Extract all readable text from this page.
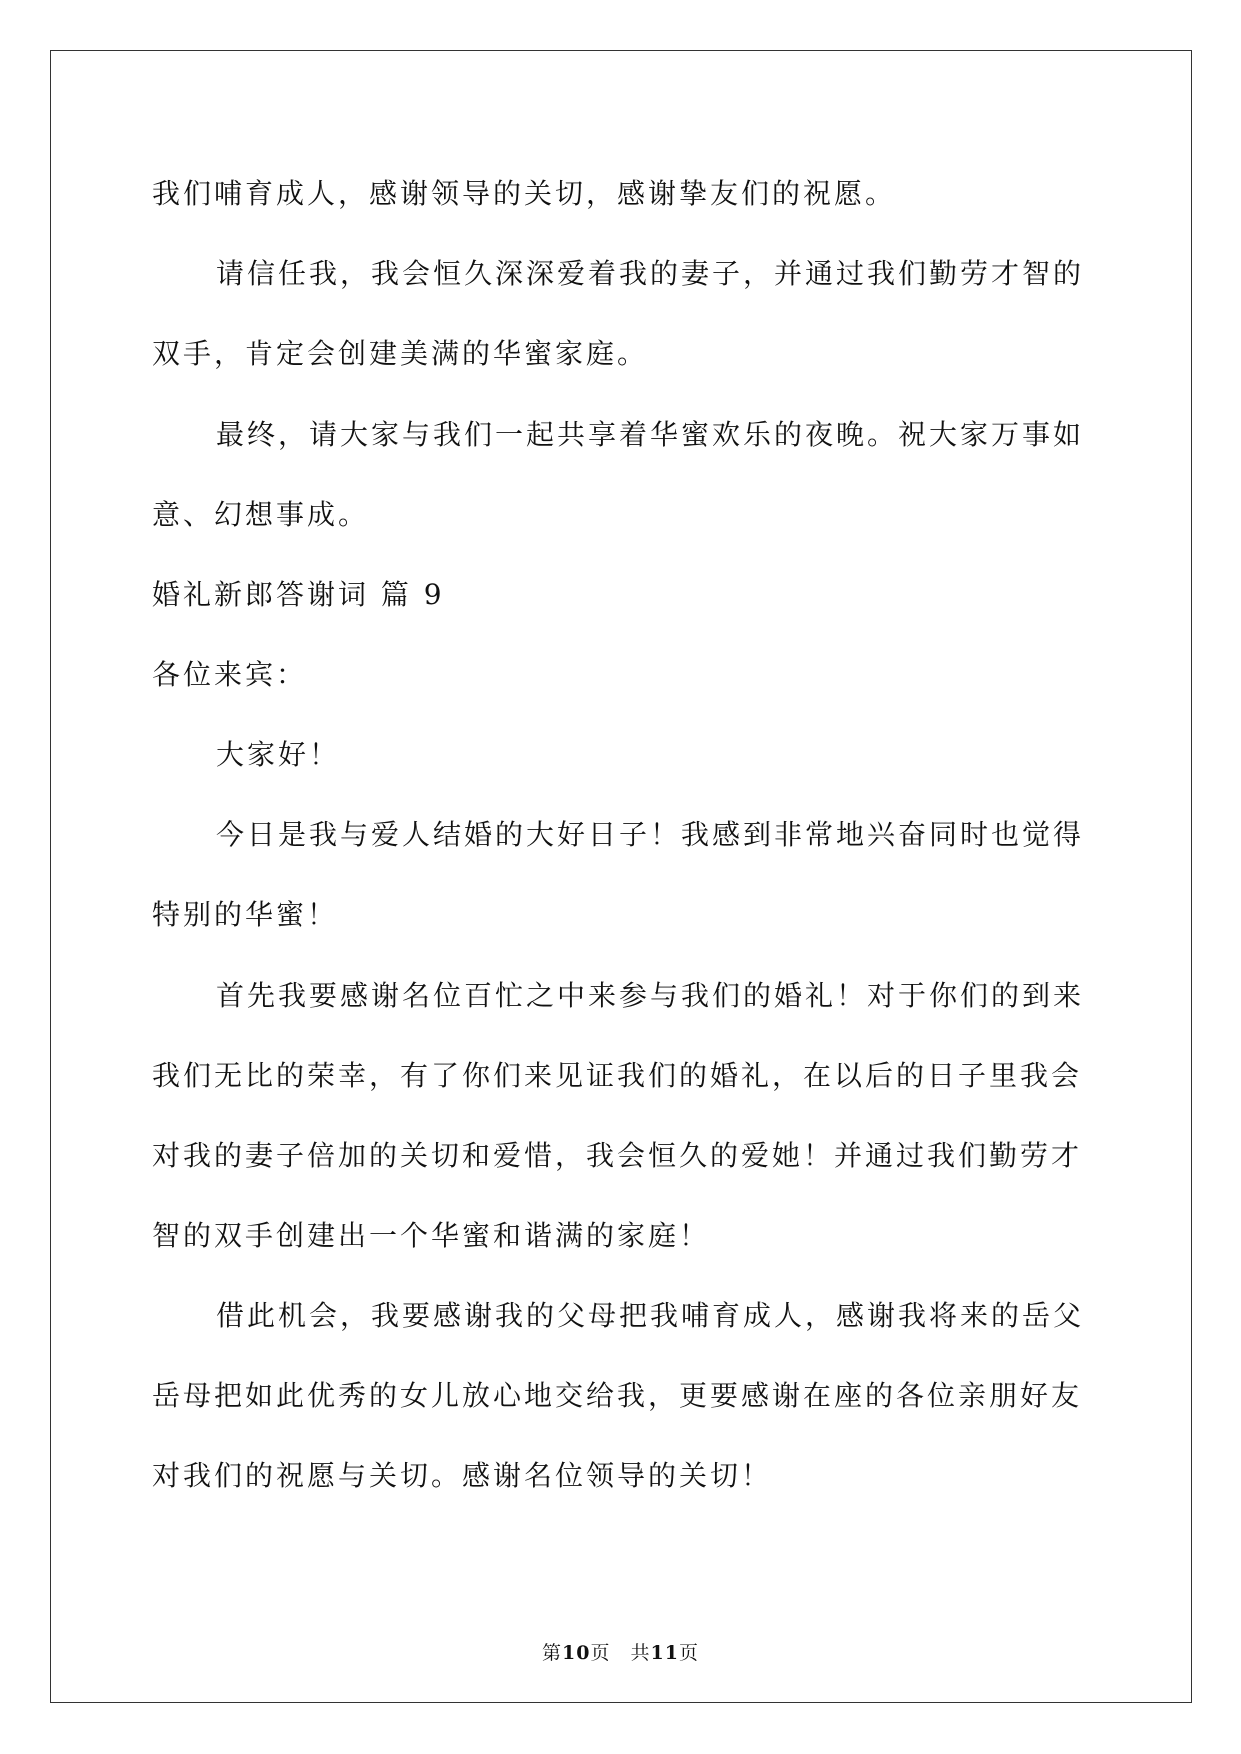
我们哺育成人，感谢领导的关切，感谢挚友们的祝愿。
请信任我，我会恒久深深爱着我的妻子，并通过我们勤劳才智的
双手，肯定会创建美满的华蜜家庭。
最终，请大家与我们一起共享着华蜜欢乐的夜晚。祝大家万事如
意、幻想事成。
婚礼新郎答谢词 篇 9
各位来宾：
大家好！
今日是我与爱人结婚的大好日子！我感到非常地兴奋同时也觉得
特别的华蜜！
首先我要感谢名位百忙之中来参与我们的婚礼！对于你们的到来
我们无比的荣幸，有了你们来见证我们的婚礼，在以后的日子里我会
对我的妻子倍加的关切和爱惜，我会恒久的爱她！并通过我们勤劳才
智的双手创建出一个华蜜和谐满的家庭！
借此机会，我要感谢我的父母把我哺育成人，感谢我将来的岳父
岳母把如此优秀的女儿放心地交给我，更要感谢在座的各位亲朋好友
对我们的祝愿与关切。感谢名位领导的关切！
第10页　共11页
